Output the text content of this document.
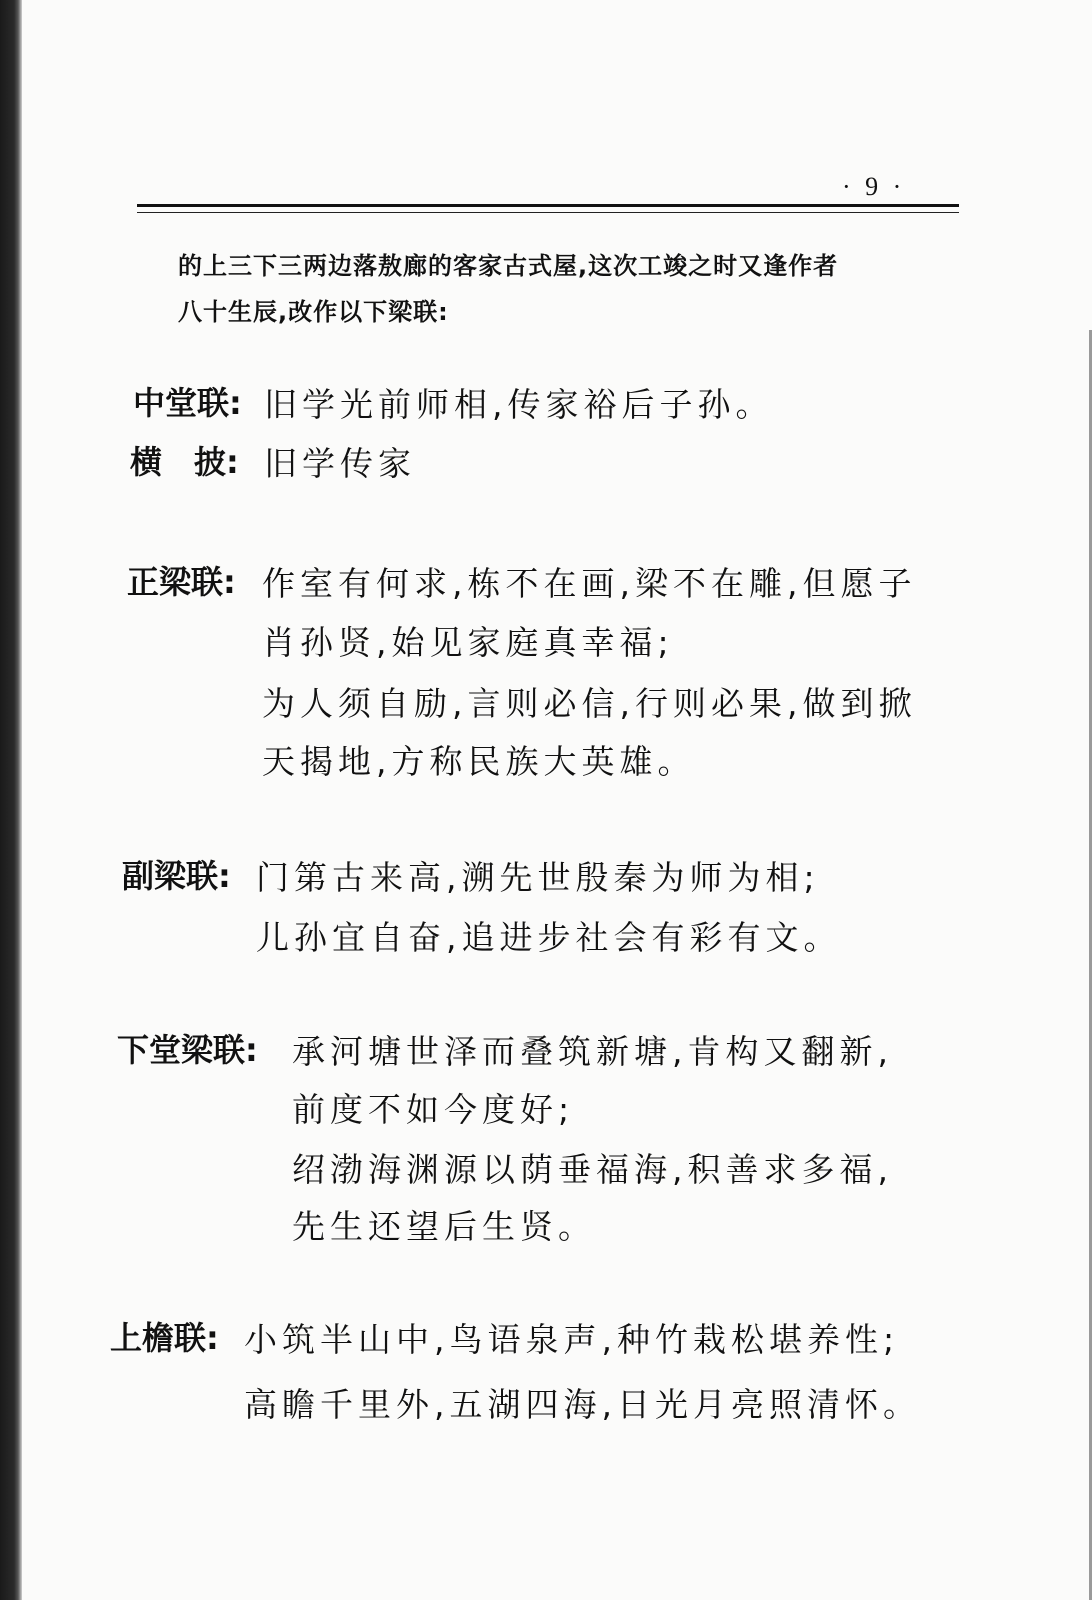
· 9 ·
的上三下三两边落敖廊的客家古式屋,这次工竣之时又逢作者
八十生辰,改作以下梁联:
中堂联: 旧学光前师相,传家裕后子孙。
横　披: 旧学传家
正梁联: 作室有何求,栋不在画,梁不在雕,但愿子
肖孙贤,始见家庭真幸福;
为人须自励,言则必信,行则必果,做到掀
天揭地,方称民族大英雄。
副梁联: 门第古来高,溯先世殷秦为师为相;
儿孙宜自奋,追进步社会有彩有文。
下堂梁联: 承河塘世泽而叠筑新塘,肯构又翻新,
前度不如今度好;
绍渤海渊源以荫垂福海,积善求多福,
先生还望后生贤。
上檐联: 小筑半山中,鸟语泉声,种竹栽松堪养性;
高瞻千里外,五湖四海,日光月亮照清怀。
